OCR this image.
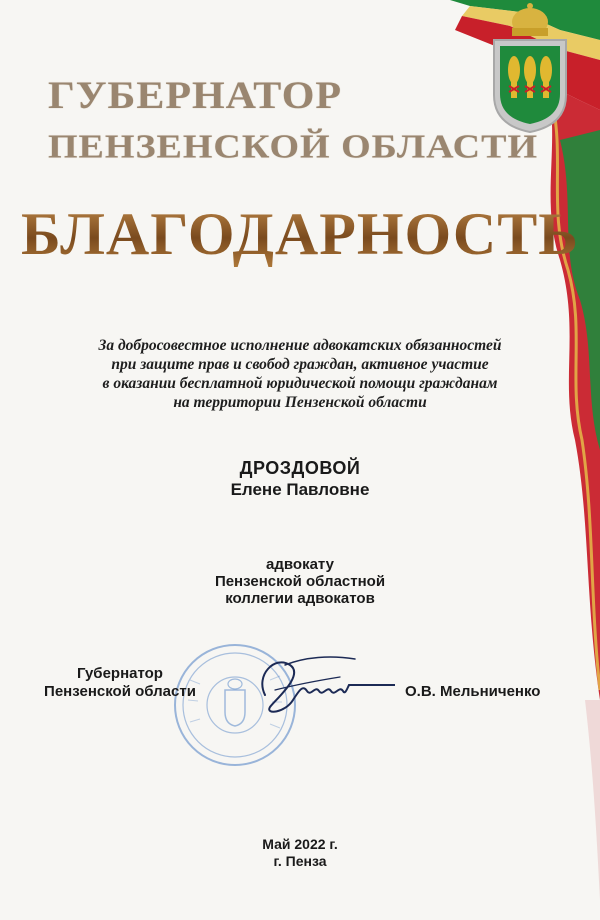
ГУБЕРНАТОР
ПЕНЗЕНСКОЙ ОБЛАСТИ
БЛАГОДАРНОСТЬ
За добросовестное исполнение адвокатских обязанностей
при защите прав и свобод граждан, активное участие
в оказании бесплатной юридической помощи гражданам
на территории Пензенской области
ДРОЗДОВОЙ
Елене Павловне
адвокату
Пензенской областной
коллегии адвокатов
Губернатор
Пензенской области	О.В. Мельниченко
Май 2022 г.
г. Пенза
